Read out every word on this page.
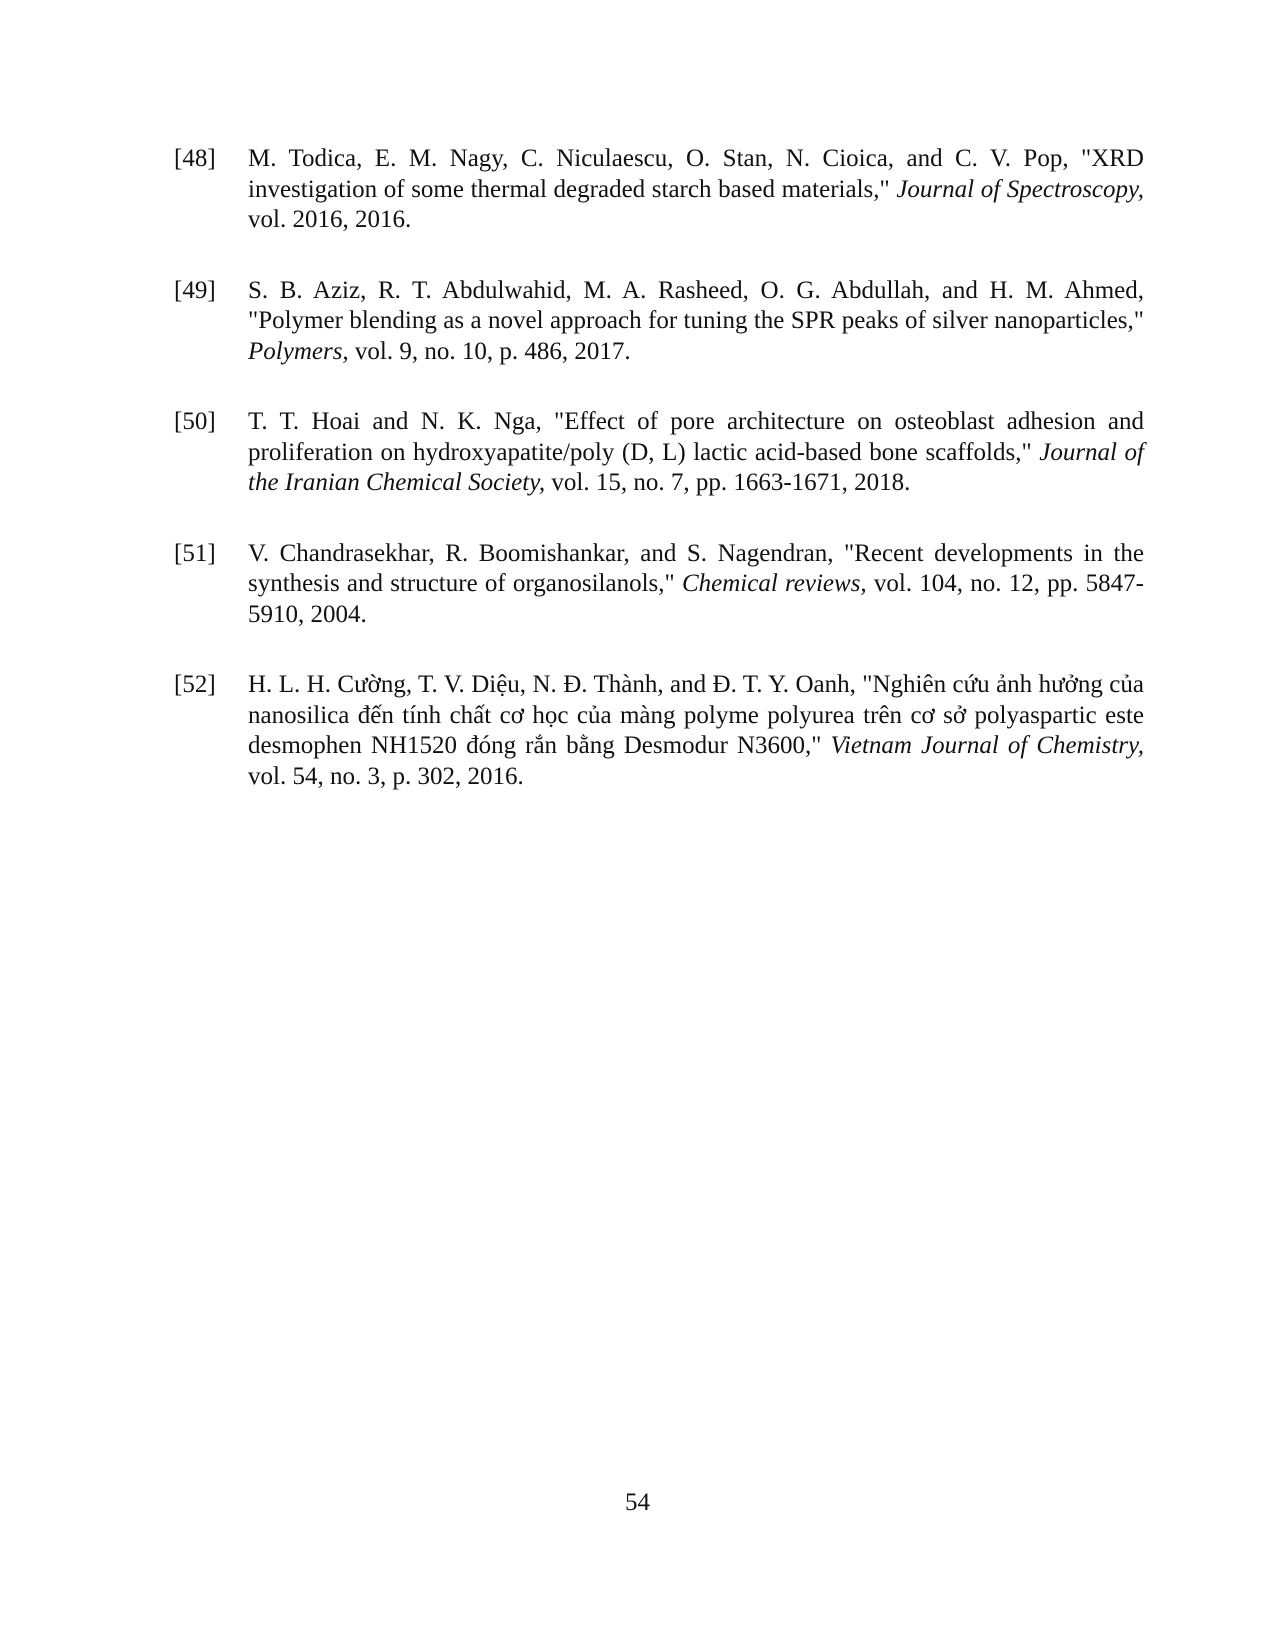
[48]	M. Todica, E. M. Nagy, C. Niculaescu, O. Stan, N. Cioica, and C. V. Pop, "XRD investigation of some thermal degraded starch based materials," Journal of Spectroscopy, vol. 2016, 2016.
[49]	S. B. Aziz, R. T. Abdulwahid, M. A. Rasheed, O. G. Abdullah, and H. M. Ahmed, "Polymer blending as a novel approach for tuning the SPR peaks of silver nanoparticles," Polymers, vol. 9, no. 10, p. 486, 2017.
[50]	T. T. Hoai and N. K. Nga, "Effect of pore architecture on osteoblast adhesion and proliferation on hydroxyapatite/poly (D, L) lactic acid-based bone scaffolds," Journal of the Iranian Chemical Society, vol. 15, no. 7, pp. 1663-1671, 2018.
[51]	V. Chandrasekhar, R. Boomishankar, and S. Nagendran, "Recent developments in the synthesis and structure of organosilanols," Chemical reviews, vol. 104, no. 12, pp. 5847-5910, 2004.
[52]	H. L. H. Cường, T. V. Diệu, N. Đ. Thành, and Đ. T. Y. Oanh, "Nghiên cứu ảnh hưởng của nanosilica đến tính chất cơ học của màng polyme polyurea trên cơ sở polyaspartic este desmophen NH1520 đóng rắn bằng Desmodur N3600," Vietnam Journal of Chemistry, vol. 54, no. 3, p. 302, 2016.
54
